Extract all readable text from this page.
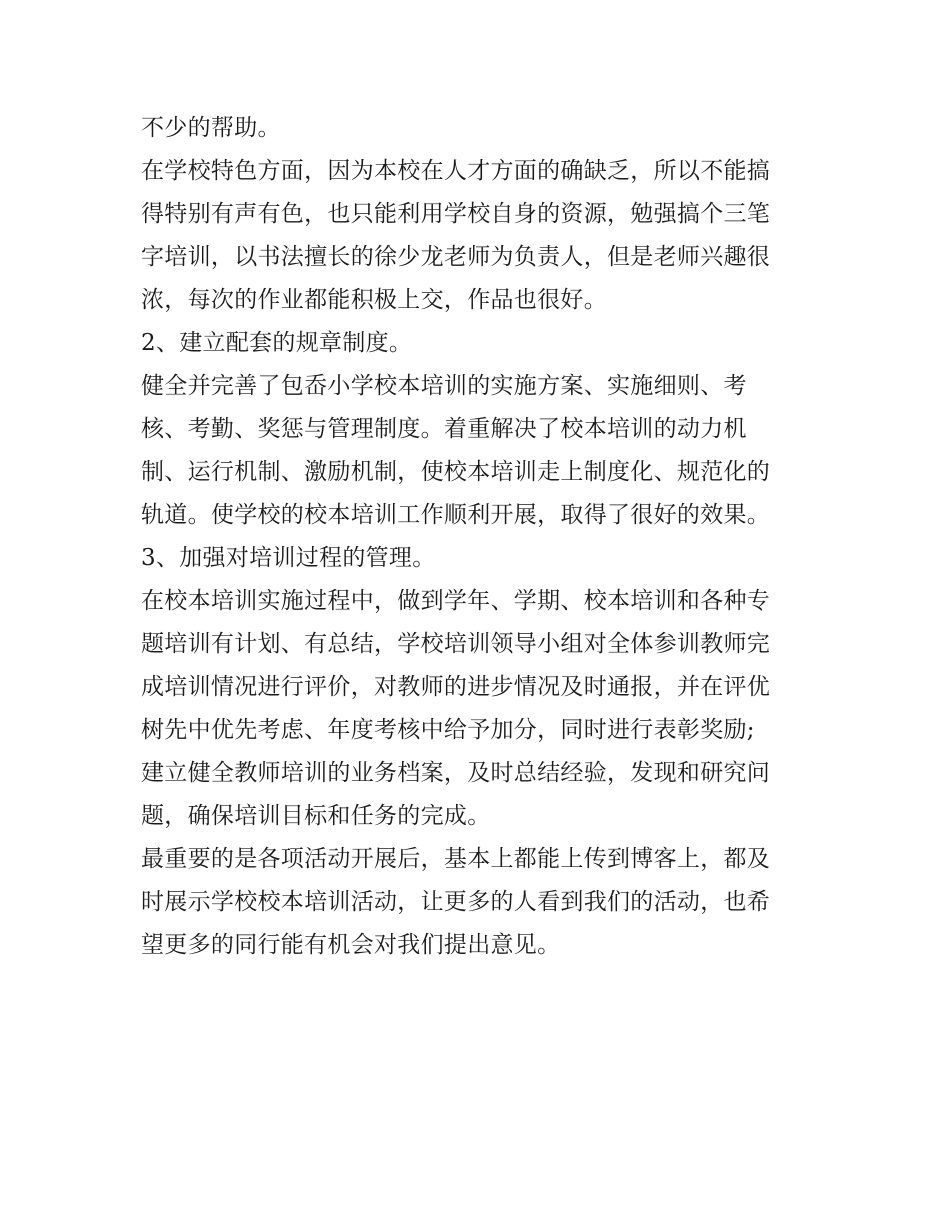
不少的帮助。
在学校特色方面，因为本校在人才方面的确缺乏，所以不能搞
得特别有声有色，也只能利用学校自身的资源，勉强搞个三笔
字培训，以书法擅长的徐少龙老师为负责人，但是老师兴趣很
浓，每次的作业都能积极上交，作品也很好。
2、建立配套的规章制度。
健全并完善了包岙小学校本培训的实施方案、实施细则、考
核、考勤、奖惩与管理制度。着重解决了校本培训的动力机
制、运行机制、激励机制，使校本培训走上制度化、规范化的
轨道。使学校的校本培训工作顺利开展，取得了很好的效果。
3、加强对培训过程的管理。
在校本培训实施过程中，做到学年、学期、校本培训和各种专
题培训有计划、有总结，学校培训领导小组对全体参训教师完
成培训情况进行评价，对教师的进步情况及时通报，并在评优
树先中优先考虑、年度考核中给予加分，同时进行表彰奖励;
建立健全教师培训的业务档案，及时总结经验，发现和研究问
题，确保培训目标和任务的完成。
最重要的是各项活动开展后，基本上都能上传到博客上，都及
时展示学校校本培训活动，让更多的人看到我们的活动，也希
望更多的同行能有机会对我们提出意见。
